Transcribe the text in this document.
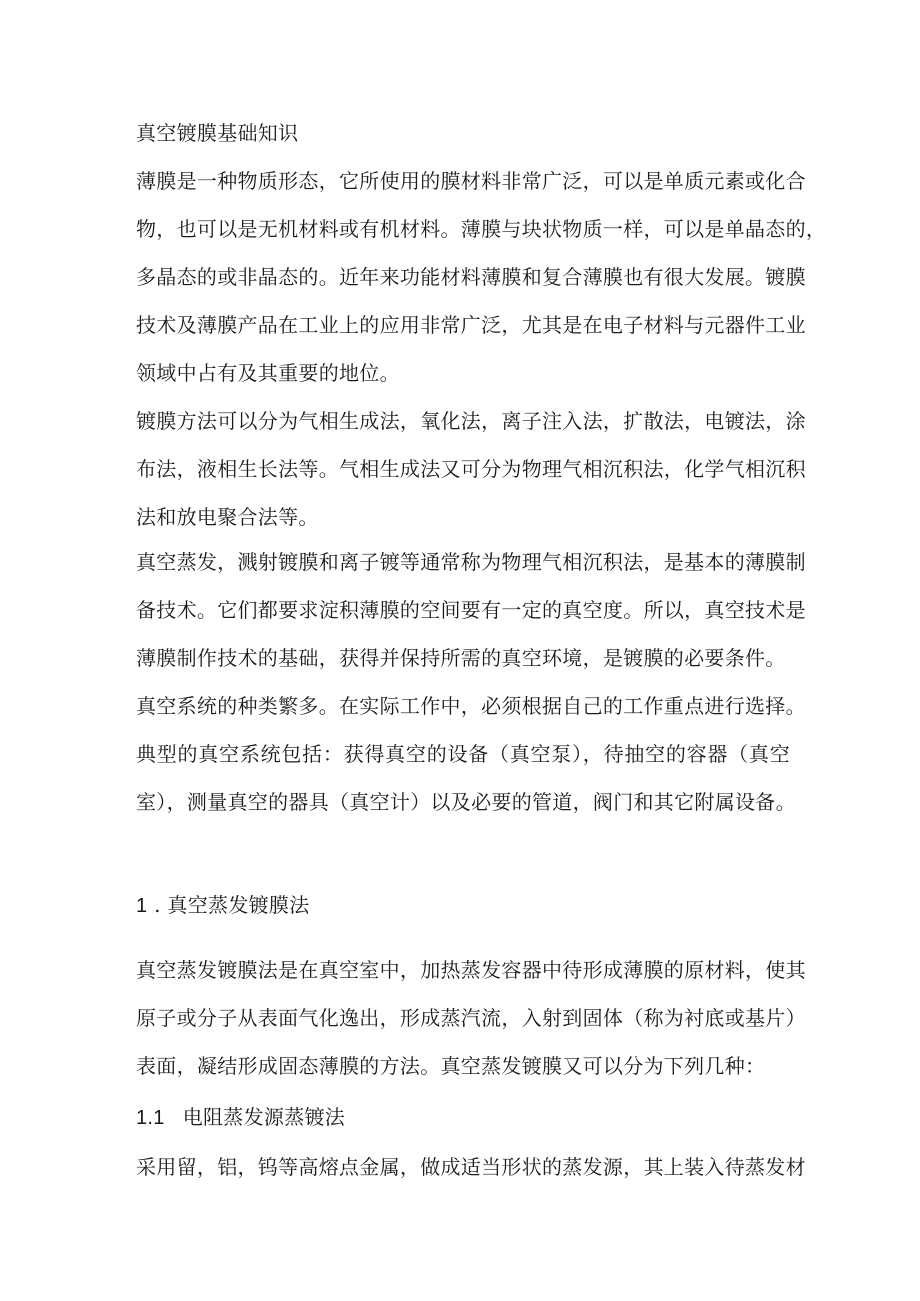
真空镀膜基础知识
薄膜是一种物质形态，它所使用的膜材料非常广泛，可以是单质元素或化合
物，也可以是无机材料或有机材料。薄膜与块状物质一样，可以是单晶态的，
多晶态的或非晶态的。近年来功能材料薄膜和复合薄膜也有很大发展。镀膜
技术及薄膜产品在工业上的应用非常广泛，尤其是在电子材料与元器件工业
领域中占有及其重要的地位。
镀膜方法可以分为气相生成法，氧化法，离子注入法，扩散法，电镀法，涂
布法，液相生长法等。气相生成法又可分为物理气相沉积法，化学气相沉积
法和放电聚合法等。
真空蒸发，溅射镀膜和离子镀等通常称为物理气相沉积法，是基本的薄膜制
备技术。它们都要求淀积薄膜的空间要有一定的真空度。所以，真空技术是
薄膜制作技术的基础，获得并保持所需的真空环境，是镀膜的必要条件。
真空系统的种类繁多。在实际工作中，必须根据自己的工作重点进行选择。
典型的真空系统包括：获得真空的设备（真空泵），待抽空的容器（真空
室），测量真空的器具（真空计）以及必要的管道，阀门和其它附属设备。
1 . 真空蒸发镀膜法
真空蒸发镀膜法是在真空室中，加热蒸发容器中待形成薄膜的原材料，使其
原子或分子从表面气化逸出，形成蒸汽流，入射到固体（称为衬底或基片）
表面，凝结形成固态薄膜的方法。真空蒸发镀膜又可以分为下列几种：
1.1 电阻蒸发源蒸镀法
采用留，铝，钨等高熔点金属，做成适当形状的蒸发源，其上装入待蒸发材
